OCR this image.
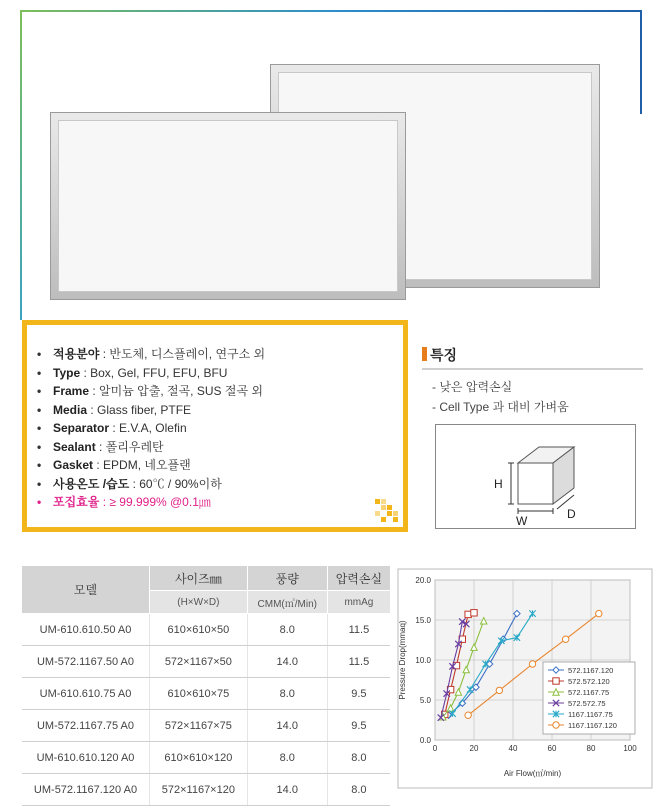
• 적용분야 : 반도체, 디스플레이, 연구소 외
• Type : Box, Gel, FFU, EFU, BFU
• Frame : 알미늄 압출, 절곡, SUS 절곡 외
• Media : Glass fiber, PTFE
• Separator : E.V.A, Olefin
• Sealant : 폴리우레탄
• Gasket : EPDM, 네오플랜
• 사용온도 /습도 : 60℃ / 90%이하
• 포집효율 : ≥ 99.999% @0.1㎛
특징
- 낮은 압력손실
- Cell Type 과 대비 가벼움
H
W	D
모델	사이즈㎜	풍량	압력손실
	(H×W×D)	CMM(㎥/Min)	mmAg
UM-610.610.50 A0	610×610×50	8.0	11.5
UM-572.1167.50 A0	572×1167×50	14.0	11.5
UM-610.610.75 A0	610×610×75	8.0	9.5
UM-572.1167.75 A0	572×1167×75	14.0	9.5
UM-610.610.120 A0	610×610×120	8.0	8.0
UM-572.1167.120 A0	572×1167×120	14.0	8.0
0.0
5.0
10.0
15.0
20.0
0	20	40	60	80	100
Air Flow(㎥/min)
Pressure Drop(mmaq)	572.1167.120
572.572.120
572.1167.75
572.572.75
1167.1167.75
1167.1167.120
